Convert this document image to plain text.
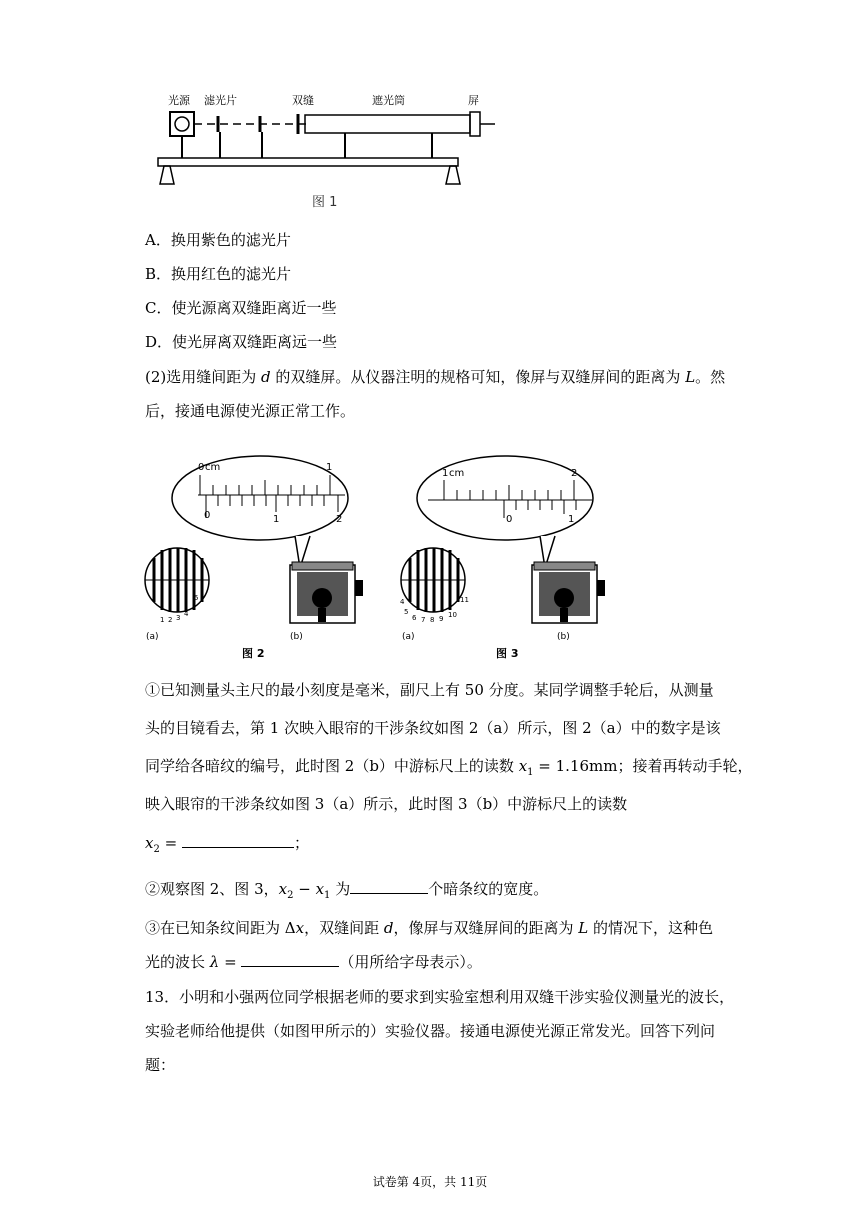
光源 滤光片	双缝	遮光筒	屏
图 1
A．换用紫色的滤光片
B．换用红色的滤光片
C．使光源离双缝距离近一些
D．使光屏离双缝距离远一些
(2)选用缝间距为 d 的双缝屏。从仪器注明的规格可知，像屏与双缝屏间的距离为 L。然
后，接通电源使光源正常工作。
0 cm	1
0	1	2
1 2 3 4
5
(a)	(b)
图 2
1 cm	2
0	1
4
5
6 7 8 9 10
11
(a)	(b)
图 3
①已知测量头主尺的最小刻度是毫米，副尺上有 50 分度。某同学调整手轮后，从测量
头的目镜看去，第 1 次映入眼帘的干涉条纹如图 2（a）所示，图 2（a）中的数字是该
同学给各暗纹的编号，此时图 2（b）中游标尺上的读数 $x_1 = 1.16mm$；接着再转动手轮，
映入眼帘的干涉条纹如图 3（a）所示，此时图 3（b）中游标尺上的读数
$x_2$ =	；
②观察图 2、图 3，$x_2 - x_1$ 为	个暗条纹的宽度。
③在已知条纹间距为 Δx，双缝间距 d，像屏与双缝屏间的距离为 L 的情况下，这种色
光的波长 λ =	（用所给字母表示）。
13．小明和小强两位同学根据老师的要求到实验室想利用双缝干涉实验仪测量光的波长，
实验老师给他提供（如图甲所示的）实验仪器。接通电源使光源正常发光。回答下列问
题：
试卷第 4页，共 11页
